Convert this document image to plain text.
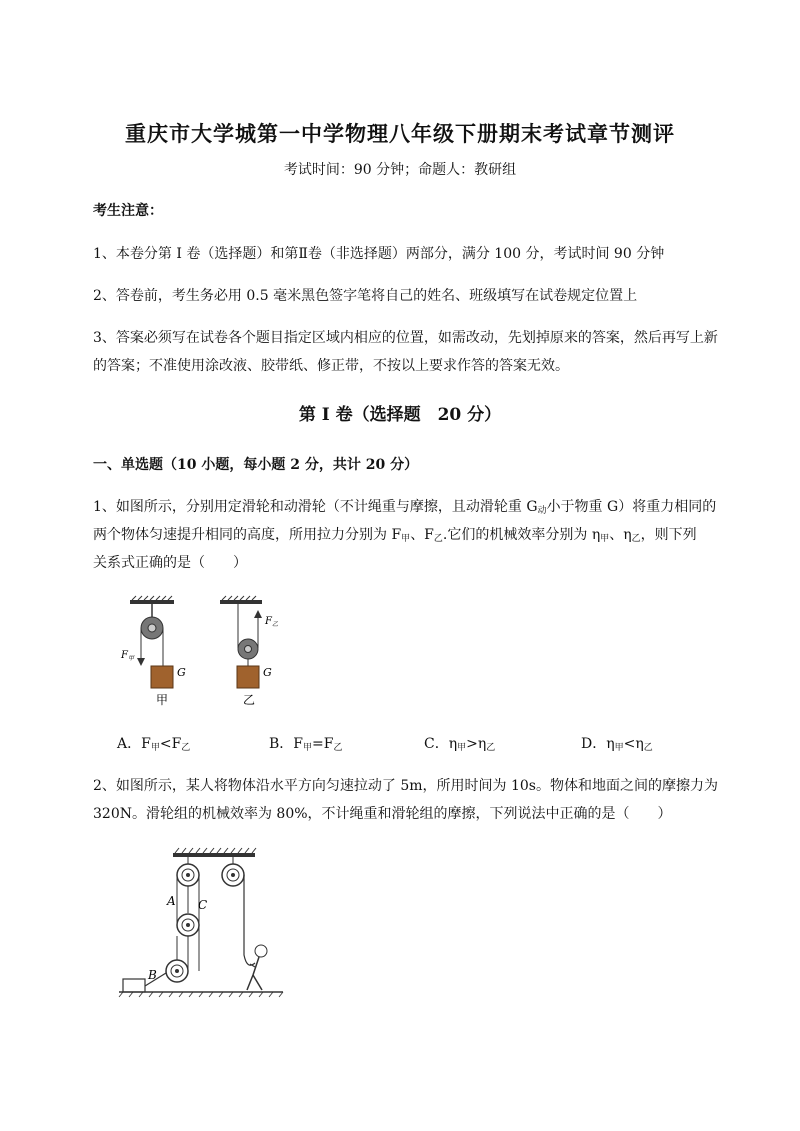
重庆市大学城第一中学物理八年级下册期末考试章节测评
考试时间：90 分钟；命题人：教研组
考生注意：
1、本卷分第 I 卷（选择题）和第Ⅱ卷（非选择题）两部分，满分 100 分，考试时间 90 分钟
2、答卷前，考生务必用 0.5 毫米黑色签字笔将自己的姓名、班级填写在试卷规定位置上
3、答案必须写在试卷各个题目指定区域内相应的位置，如需改动，先划掉原来的答案，然后再写上新
的答案；不准使用涂改液、胶带纸、修正带，不按以上要求作答的答案无效。
第 I 卷（选择题　20 分）
一、单选题（10 小题，每小题 2 分，共计 20 分）
1、如图所示，分别用定滑轮和动滑轮（不计绳重与摩擦，且动滑轮重 $G_动$小于物重 G）将重力相同的
两个物体匀速提升相同的高度，所用拉力分别为 $F_甲$、$F_乙$.它们的机械效率分别为 $\eta_甲$、$\eta_乙$，则下列
关系式正确的是（　　）
$F_甲$
G
甲
$F_乙$
G
乙
A．$F_甲<F_乙$	B．$F_甲=F_乙$	C．$\eta_甲>\eta_乙$	D．$\eta_甲<\eta_乙$
2、如图所示，某人将物体沿水平方向匀速拉动了 5m，所用时间为 10s。物体和地面之间的摩擦力为
320N。滑轮组的机械效率为 80%，不计绳重和滑轮组的摩擦，下列说法中正确的是（　　）
A C
B
